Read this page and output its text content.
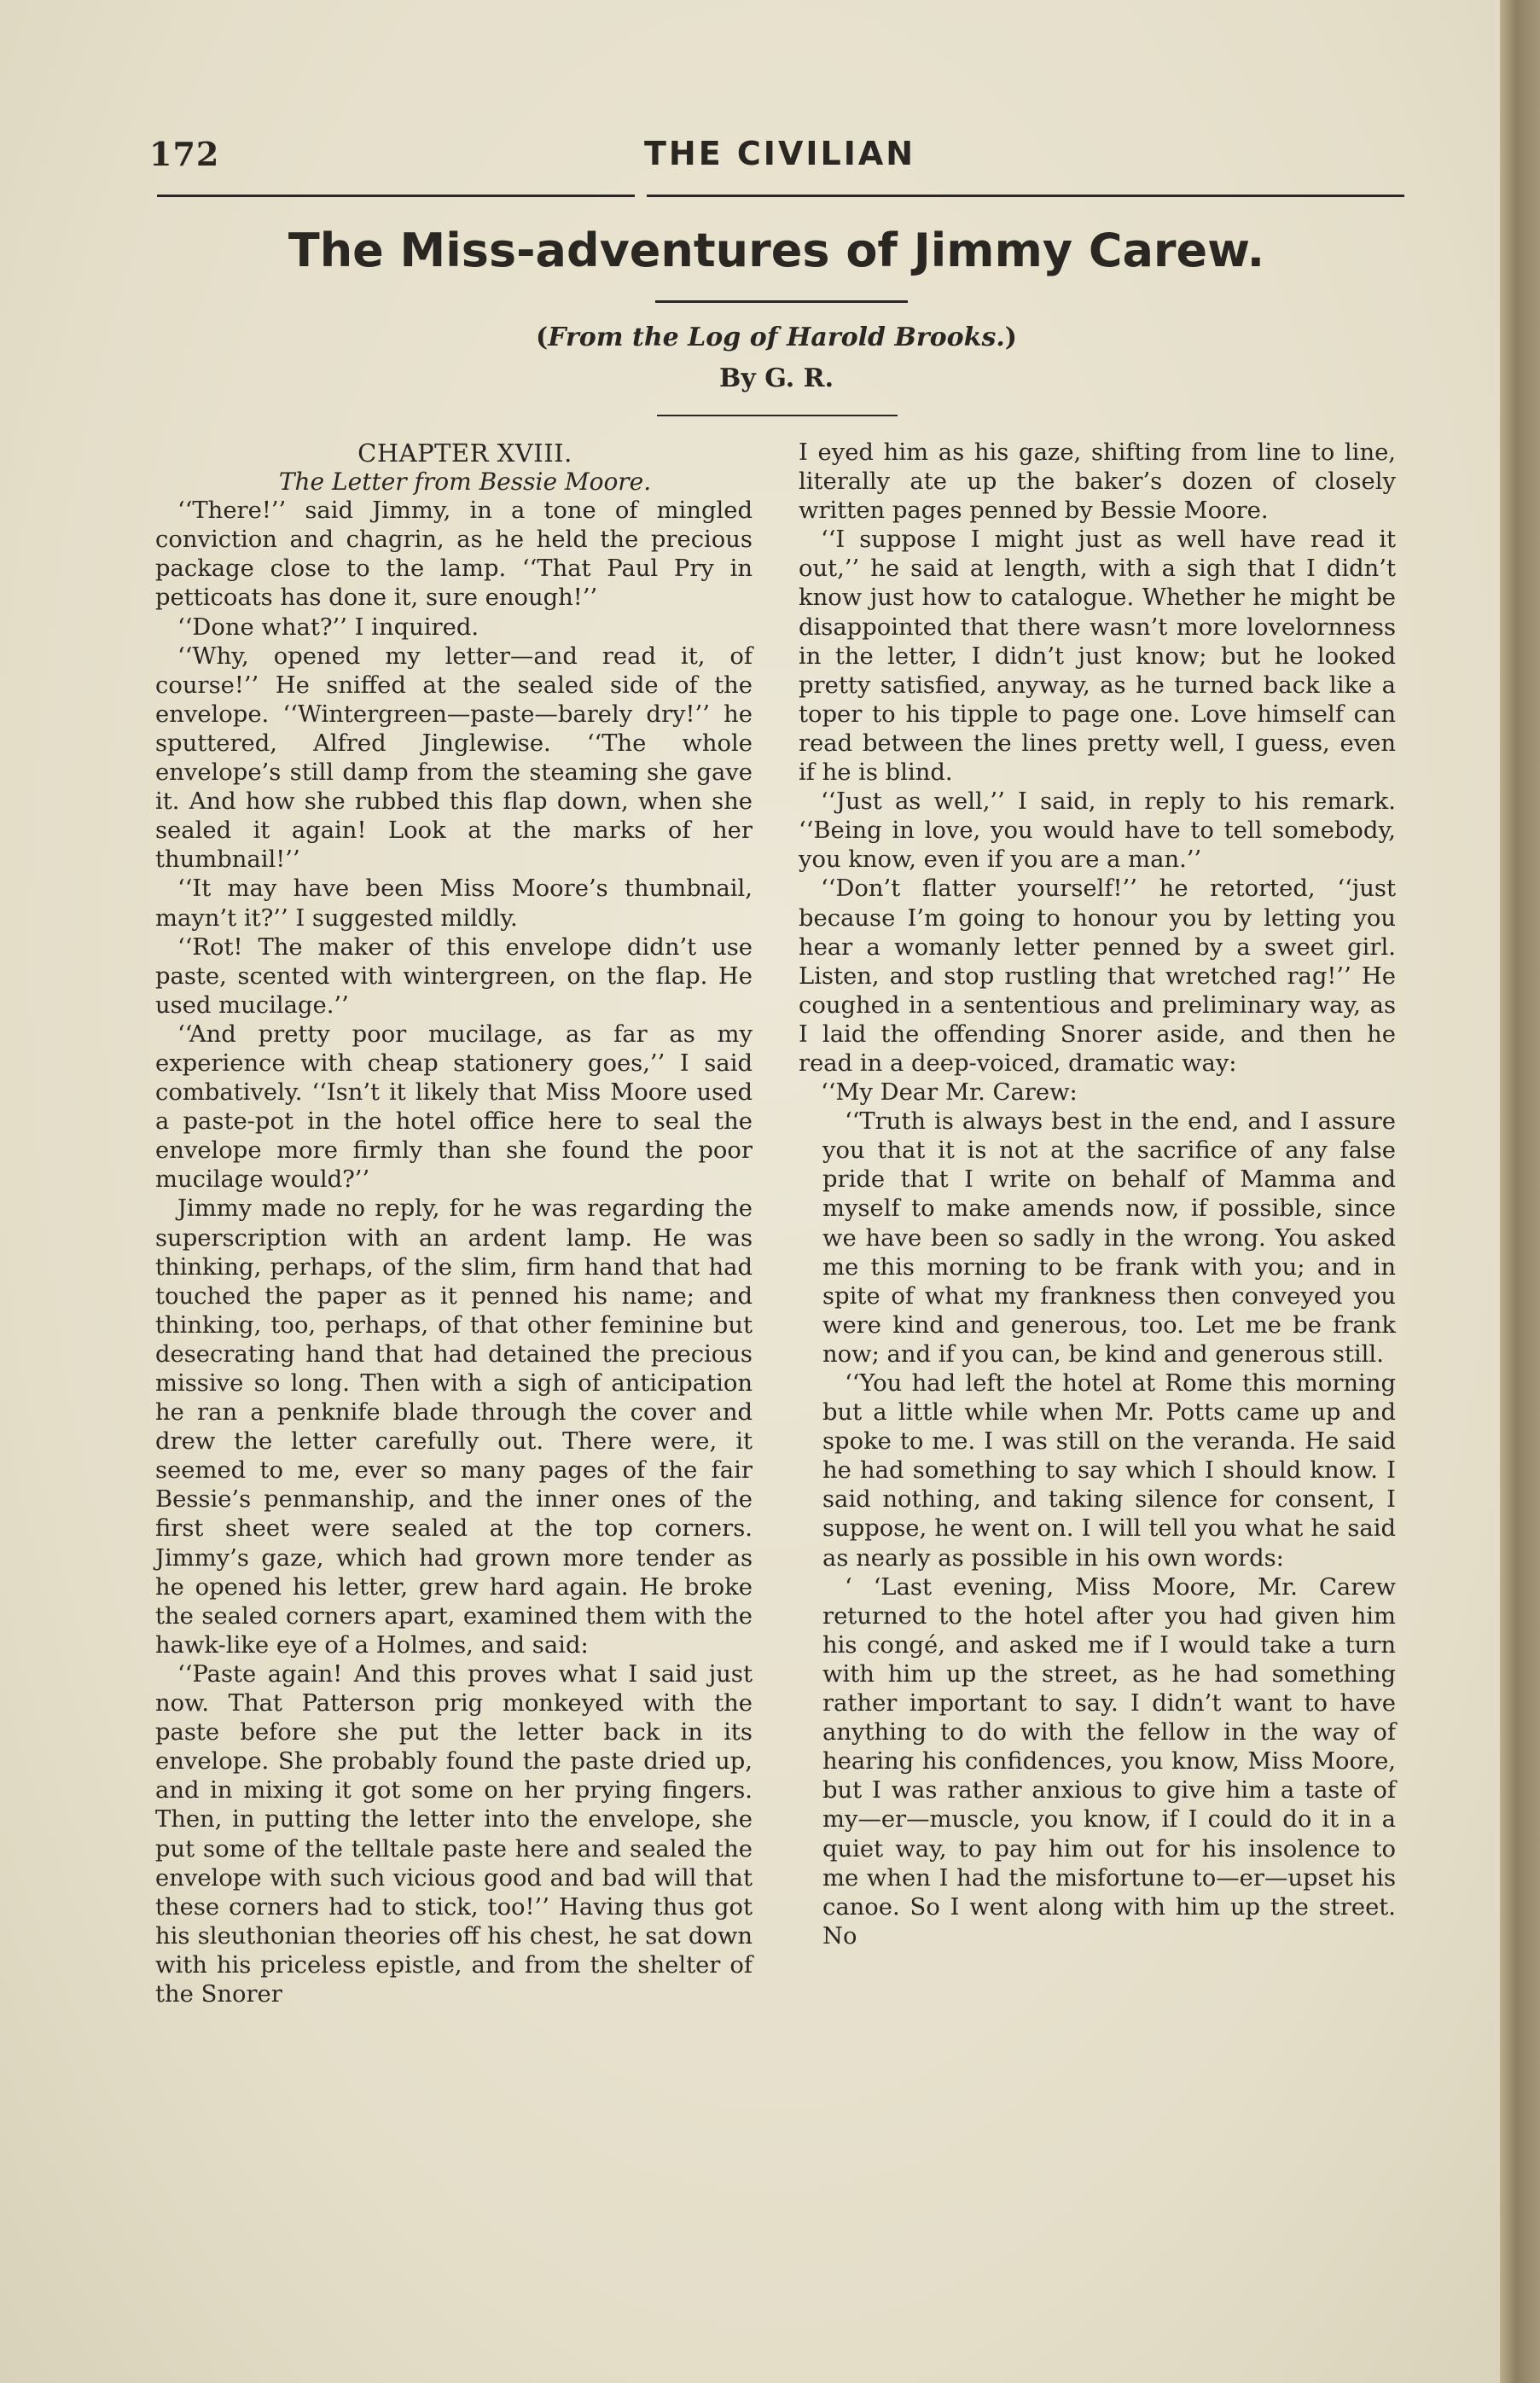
172	THE CIVILIAN
The Miss-adventures of Jimmy Carew.
(From the Log of Harold Brooks.)
By G. R.

CHAPTER XVIII.

The Letter from Bessie Moore.

‘‘There!’’ said Jimmy, in a tone of mingled conviction and chagrin, as he held the precious package close to the lamp. ‘‘That Paul Pry in petticoats has done it, sure enough!’’

‘‘Done what?’’ I inquired.

‘‘Why, opened my letter—and read it, of course!’’ He sniffed at the sealed side of the envelope. ‘‘Wintergreen—paste—barely dry!’’ he sputtered, Alfred Jinglewise. ‘‘The whole envelope’s still damp from the steaming she gave it. And how she rubbed this flap down, when she sealed it again! Look at the marks of her thumbnail!’’

‘‘It may have been Miss Moore’s thumbnail, mayn’t it?’’ I suggested mildly.

‘‘Rot! The maker of this envelope didn’t use paste, scented with wintergreen, on the flap. He used mucilage.’’

‘‘And pretty poor mucilage, as far as my experience with cheap stationery goes,’’ I said combatively. ‘‘Isn’t it likely that Miss Moore used a paste-pot in the hotel office here to seal the envelope more firmly than she found the poor mucilage would?’’

Jimmy made no reply, for he was regarding the superscription with an ardent lamp. He was thinking, perhaps, of the slim, firm hand that had touched the paper as it penned his name; and thinking, too, perhaps, of that other feminine but desecrating hand that had detained the precious missive so long. Then with a sigh of anticipation he ran a penknife blade through the cover and drew the letter carefully out. There were, it seemed to me, ever so many pages of the fair Bessie’s penmanship, and the inner ones of the first sheet were sealed at the top corners. Jimmy’s gaze, which had grown more tender as he opened his letter, grew hard again. He broke the sealed corners apart, examined them with the hawk-like eye of a Holmes, and said:

‘‘Paste again! And this proves what I said just now. That Patterson prig monkeyed with the paste before she put the letter back in its envelope. She probably found the paste dried up, and in mixing it got some on her prying fingers. Then, in putting the letter into the envelope, she put some of the telltale paste here and sealed the envelope with such vicious good and bad will that these corners had to stick, too!’’ Having thus got his sleuthonian theories off his chest, he sat down with his priceless epistle, and from the shelter of the Snorer

I eyed him as his gaze, shifting from line to line, literally ate up the baker’s dozen of closely written pages penned by Bessie Moore.

‘‘I suppose I might just as well have read it out,’’ he said at length, with a sigh that I didn’t know just how to catalogue. Whether he might be disappointed that there wasn’t more lovelornness in the letter, I didn’t just know; but he looked pretty satisfied, anyway, as he turned back like a toper to his tipple to page one. Love himself can read between the lines pretty well, I guess, even if he is blind.

‘‘Just as well,’’ I said, in reply to his remark. ‘‘Being in love, you would have to tell somebody, you know, even if you are a man.’’

‘‘Don’t flatter yourself!’’ he retorted, ‘‘just because I’m going to honour you by letting you hear a womanly letter penned by a sweet girl. Listen, and stop rustling that wretched rag!’’ He coughed in a sententious and preliminary way, as I laid the offending Snorer aside, and then he read in a deep-voiced, dramatic way:

‘‘My Dear Mr. Carew:

‘‘Truth is always best in the end, and I assure you that it is not at the sacrifice of any false pride that I write on behalf of Mamma and myself to make amends now, if possible, since we have been so sadly in the wrong. You asked me this morning to be frank with you; and in spite of what my frankness then conveyed you were kind and generous, too. Let me be frank now; and if you can, be kind and generous still.

‘‘You had left the hotel at Rome this morning but a little while when Mr. Potts came up and spoke to me. I was still on the veranda. He said he had something to say which I should know. I said nothing, and taking silence for consent, I suppose, he went on. I will tell you what he said as nearly as possible in his own words:

‘ ‘Last evening, Miss Moore, Mr. Carew returned to the hotel after you had given him his congé, and asked me if I would take a turn with him up the street, as he had something rather important to say. I didn’t want to have anything to do with the fellow in the way of hearing his confidences, you know, Miss Moore, but I was rather anxious to give him a taste of my—er—muscle, you know, if I could do it in a quiet way, to pay him out for his insolence to me when I had the misfortune to—er—upset his canoe. So I went along with him up the street. No
